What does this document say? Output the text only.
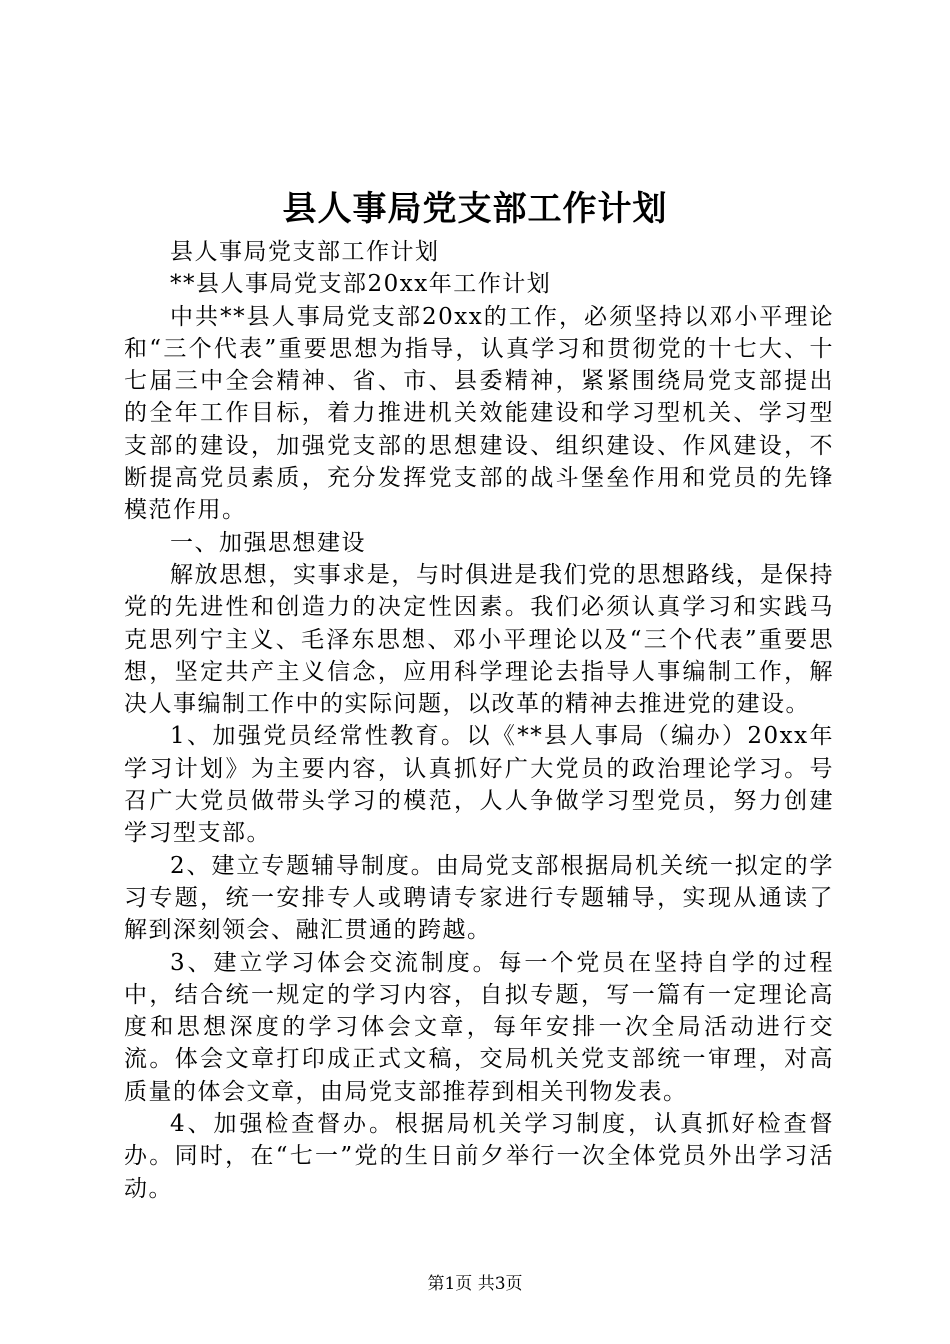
县人事局党支部工作计划

县人事局党支部工作计划

**县人事局党支部20xx年工作计划

中共**县人事局党支部20xx的工作，必须坚持以邓小平理论和“三个代表”重要思想为指导，认真学习和贯彻党的十七大、十七届三中全会精神、省、市、县委精神，紧紧围绕局党支部提出的全年工作目标，着力推进机关效能建设和学习型机关、学习型支部的建设，加强党支部的思想建设、组织建设、作风建设，不断提高党员素质，充分发挥党支部的战斗堡垒作用和党员的先锋模范作用。

一、加强思想建设

解放思想，实事求是，与时俱进是我们党的思想路线，是保持党的先进性和创造力的决定性因素。我们必须认真学习和实践马克思列宁主义、毛泽东思想、邓小平理论以及“三个代表”重要思想，坚定共产主义信念，应用科学理论去指导人事编制工作，解决人事编制工作中的实际问题，以改革的精神去推进党的建设。

1、加强党员经常性教育。以《**县人事局（编办）20xx年学习计划》为主要内容，认真抓好广大党员的政治理论学习。号召广大党员做带头学习的模范，人人争做学习型党员，努力创建学习型支部。

2、建立专题辅导制度。由局党支部根据局机关统一拟定的学习专题，统一安排专人或聘请专家进行专题辅导，实现从通读了解到深刻领会、融汇贯通的跨越。

3、建立学习体会交流制度。每一个党员在坚持自学的过程中，结合统一规定的学习内容，自拟专题，写一篇有一定理论高度和思想深度的学习体会文章，每年安排一次全局活动进行交流。体会文章打印成正式文稿，交局机关党支部统一审理，对高质量的体会文章，由局党支部推荐到相关刊物发表。

4、加强检查督办。根据局机关学习制度，认真抓好检查督办。同时，在“七一”党的生日前夕举行一次全体党员外出学习活动。

第1页 共3页
